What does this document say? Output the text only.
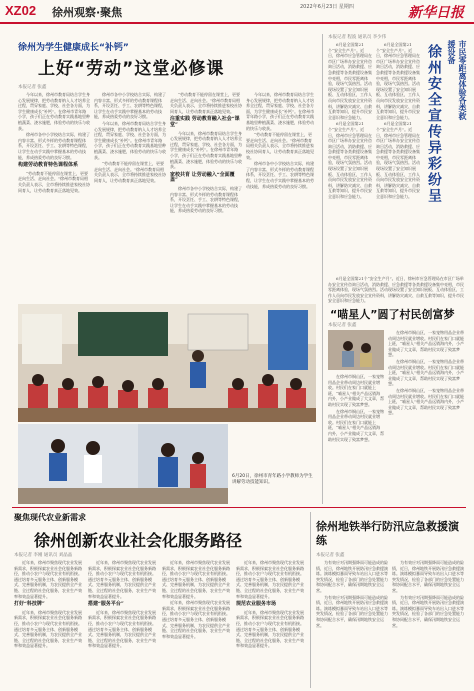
XZ02 徐州观察·聚焦	2022年6月23日 星期四	新华日报
徐州为学生健康成长“补钙”
上好“劳动”这堂必修课
本报记者 张鑫

今年以来，徐州市教育局结合学生身心发展规律，把劳动教育纳入人才培养全过程，贯穿家庭、学校、社会各方面，为学生健康成长“补钙”。在徐州市青年路小学，孩子们正在劳动教育实践基地里种植蔬菜、浇水施肥，体验劳动的快乐与收获。

徐州市各中小学校结合实际，构建了内容丰富、形式多样的劳动教育课程体系，开设烹饪、手工、农耕等特色课程，让学生在动手实践中掌握基本的劳动技能，养成热爱劳动的良好习惯。

构建劳动教育特色课程体系

“劳动教育不能停留在课堂上，更要走向生活、走向社会。”徐州市教育局相关负责人表示，全市将持续推进家校社协同育人，让劳动教育真正落地见效。

徐州市各中小学校结合实际，构建了内容丰富、形式多样的劳动教育课程体系，开设烹饪、手工、农耕等特色课程，让学生在动手实践中掌握基本的劳动技能，养成热爱劳动的良好习惯。

今年以来，徐州市教育局结合学生身心发展规律，把劳动教育纳入人才培养全过程，贯穿家庭、学校、社会各方面，为学生健康成长“补钙”。在徐州市青年路小学，孩子们正在劳动教育实践基地里种植蔬菜、浇水施肥，体验劳动的快乐与收获。

“劳动教育不能停留在课堂上，更要走向生活、走向社会。”徐州市教育局相关负责人表示，全市将持续推进家校社协同育人，让劳动教育真正落地见效。

“劳动教育不能停留在课堂上，更要走向生活、走向社会。”徐州市教育局相关负责人表示，全市将持续推进家校社协同育人，让劳动教育真正落地见效。

注重实践 劳动教育融入社会“课堂”

今年以来，徐州市教育局结合学生身心发展规律，把劳动教育纳入人才培养全过程，贯穿家庭、学校、社会各方面，为学生健康成长“补钙”。在徐州市青年路小学，孩子们正在劳动教育实践基地里种植蔬菜、浇水施肥，体验劳动的快乐与收获。

家校共育 让劳动融入“全面覆盖”

徐州市各中小学校结合实际，构建了内容丰富、形式多样的劳动教育课程体系，开设烹饪、手工、农耕等特色课程，让学生在动手实践中掌握基本的劳动技能，养成热爱劳动的良好习惯。

今年以来，徐州市教育局结合学生身心发展规律，把劳动教育纳入人才培养全过程，贯穿家庭、学校、社会各方面，为学生健康成长“补钙”。在徐州市青年路小学，孩子们正在劳动教育实践基地里种植蔬菜、浇水施肥，体验劳动的快乐与收获。

“劳动教育不能停留在课堂上，更要走向生活、走向社会。”徐州市教育局相关负责人表示，全市将持续推进家校社协同育人，让劳动教育真正落地见效。

徐州市各中小学校结合实际，构建了内容丰富、形式多样的劳动教育课程体系，开设烹饪、手工、农耕等特色课程，让学生在动手实践中掌握基本的劳动技能，养成热爱劳动的良好习惯。

6月20日，徐州市青年路小学教师为学生讲解劳动技能知识。
市民零距离体验各类救援设备
徐州安全宣传异彩纷呈
本报记者 程波 通讯员 李少伟

6月是全国第21个“安全生产月”。近日，徐州市应急管理局在市区广场举办安全宣传咨询日活动，消防救援、应急救援等各类救援设备集中亮相，市民零距离体验，现场气氛热烈。活动现场设置了安全知识展板、互动体验区，工作人员向市民发放安全宣传资料，讲解防灾减灾、自救互救等知识，提升市民安全意识和应急能力。

6月是全国第21个“安全生产月”。近日，徐州市应急管理局在市区广场举办安全宣传咨询日活动，消防救援、应急救援等各类救援设备集中亮相，市民零距离体验，现场气氛热烈。活动现场设置了安全知识展板、互动体验区，工作人员向市民发放安全宣传资料，讲解防灾减灾、自救互救等知识，提升市民安全意识和应急能力。

6月是全国第21个“安全生产月”。近日，徐州市应急管理局在市区广场举办安全宣传咨询日活动，消防救援、应急救援等各类救援设备集中亮相，市民零距离体验，现场气氛热烈。活动现场设置了安全知识展板、互动体验区，工作人员向市民发放安全宣传资料，讲解防灾减灾、自救互救等知识，提升市民安全意识和应急能力。

6月是全国第21个“安全生产月”。近日，徐州市应急管理局在市区广场举办安全宣传咨询日活动，消防救援、应急救援等各类救援设备集中亮相，市民零距离体验，现场气氛热烈。活动现场设置了安全知识展板、互动体验区，工作人员向市民发放安全宣传资料，讲解防灾减灾、自救互救等知识，提升市民安全意识和应急能力。

6月是全国第21个“安全生产月”。近日，徐州市应急管理局在市区广场举办安全宣传咨询日活动，消防救援、应急救援等各类救援设备集中亮相，市民零距离体验，现场气氛热烈。活动现场设置了安全知识展板、互动体验区，工作人员向市民发放安全宣传资料，讲解防灾减灾、自救互救等知识，提升市民安全意识和应急能力。

“喵星人”圆了村民创富梦
本报记者 张鑫

在徐州市铜山区，一家宠物用品企业带动周边村民就业增收。村民们在家门口就能上班，“喵星人”相关产品远销海内外，小产业做成了大文章，帮助村民实现了致富梦想。

在徐州市铜山区，一家宠物用品企业带动周边村民就业增收。村民们在家门口就能上班，“喵星人”相关产品远销海内外，小产业做成了大文章，帮助村民实现了致富梦想。

在徐州市铜山区，一家宠物用品企业带动周边村民就业增收。村民们在家门口就能上班，“喵星人”相关产品远销海内外，小产业做成了大文章，帮助村民实现了致富梦想。

在徐州市铜山区，一家宠物用品企业带动周边村民就业增收。村民们在家门口就能上班，“喵星人”相关产品远销海内外，小产业做成了大文章，帮助村民实现了致富梦想。

在徐州市铜山区，一家宠物用品企业带动周边村民就业增收。村民们在家门口就能上班，“喵星人”相关产品远销海内外，小产业做成了大文章，帮助村民实现了致富梦想。

聚焦现代农业新需求
徐州创新农业社会化服务路径
本报记者 李刚 通讯员 刘晶晶

近年来，徐州市聚焦现代农业发展新需求，积极探索农业社会化服务新路径，推动小农户与现代农业有机衔接。通过培育多元服务主体、创新服务模式、完善服务机制，为农民提供全产业链、全过程的社会化服务，农业生产效率和效益显著提升。

打好“科技牌”

近年来，徐州市聚焦现代农业发展新需求，积极探索农业社会化服务新路径，推动小农户与现代农业有机衔接。通过培育多元服务主体、创新服务模式、完善服务机制，为农民提供全产业链、全过程的社会化服务，农业生产效率和效益显著提升。

近年来，徐州市聚焦现代农业发展新需求，积极探索农业社会化服务新路径，推动小农户与现代农业有机衔接。通过培育多元服务主体、创新服务模式、完善服务机制，为农民提供全产业链、全过程的社会化服务，农业生产效率和效益显著提升。

搭建“服务平台”

近年来，徐州市聚焦现代农业发展新需求，积极探索农业社会化服务新路径，推动小农户与现代农业有机衔接。通过培育多元服务主体、创新服务模式、完善服务机制，为农民提供全产业链、全过程的社会化服务，农业生产效率和效益显著提升。

近年来，徐州市聚焦现代农业发展新需求，积极探索农业社会化服务新路径，推动小农户与现代农业有机衔接。通过培育多元服务主体、创新服务模式、完善服务机制，为农民提供全产业链、全过程的社会化服务，农业生产效率和效益显著提升。

近年来，徐州市聚焦现代农业发展新需求，积极探索农业社会化服务新路径，推动小农户与现代农业有机衔接。通过培育多元服务主体、创新服务模式、完善服务机制，为农民提供全产业链、全过程的社会化服务，农业生产效率和效益显著提升。

近年来，徐州市聚焦现代农业发展新需求，积极探索农业社会化服务新路径，推动小农户与现代农业有机衔接。通过培育多元服务主体、创新服务模式、完善服务机制，为农民提供全产业链、全过程的社会化服务，农业生产效率和效益显著提升。

规范农业服务市场

近年来，徐州市聚焦现代农业发展新需求，积极探索农业社会化服务新路径，推动小农户与现代农业有机衔接。通过培育多元服务主体、创新服务模式、完善服务机制，为农民提供全产业链、全过程的社会化服务，农业生产效率和效益显著提升。

徐州地铁举行防汛应急救援演练
本报记者 张鑫

为有效应对汛期强降雨可能造成的险情，近日，徐州地铁开展防汛应急救援演练。演练模拟暴雨导致车站出入口进水等突发情况，检验了各部门的应急处置能力和协同配合水平，确保汛期地铁安全运营。

为有效应对汛期强降雨可能造成的险情，近日，徐州地铁开展防汛应急救援演练。演练模拟暴雨导致车站出入口进水等突发情况，检验了各部门的应急处置能力和协同配合水平，确保汛期地铁安全运营。

为有效应对汛期强降雨可能造成的险情，近日，徐州地铁开展防汛应急救援演练。演练模拟暴雨导致车站出入口进水等突发情况，检验了各部门的应急处置能力和协同配合水平，确保汛期地铁安全运营。

为有效应对汛期强降雨可能造成的险情，近日，徐州地铁开展防汛应急救援演练。演练模拟暴雨导致车站出入口进水等突发情况，检验了各部门的应急处置能力和协同配合水平，确保汛期地铁安全运营。
